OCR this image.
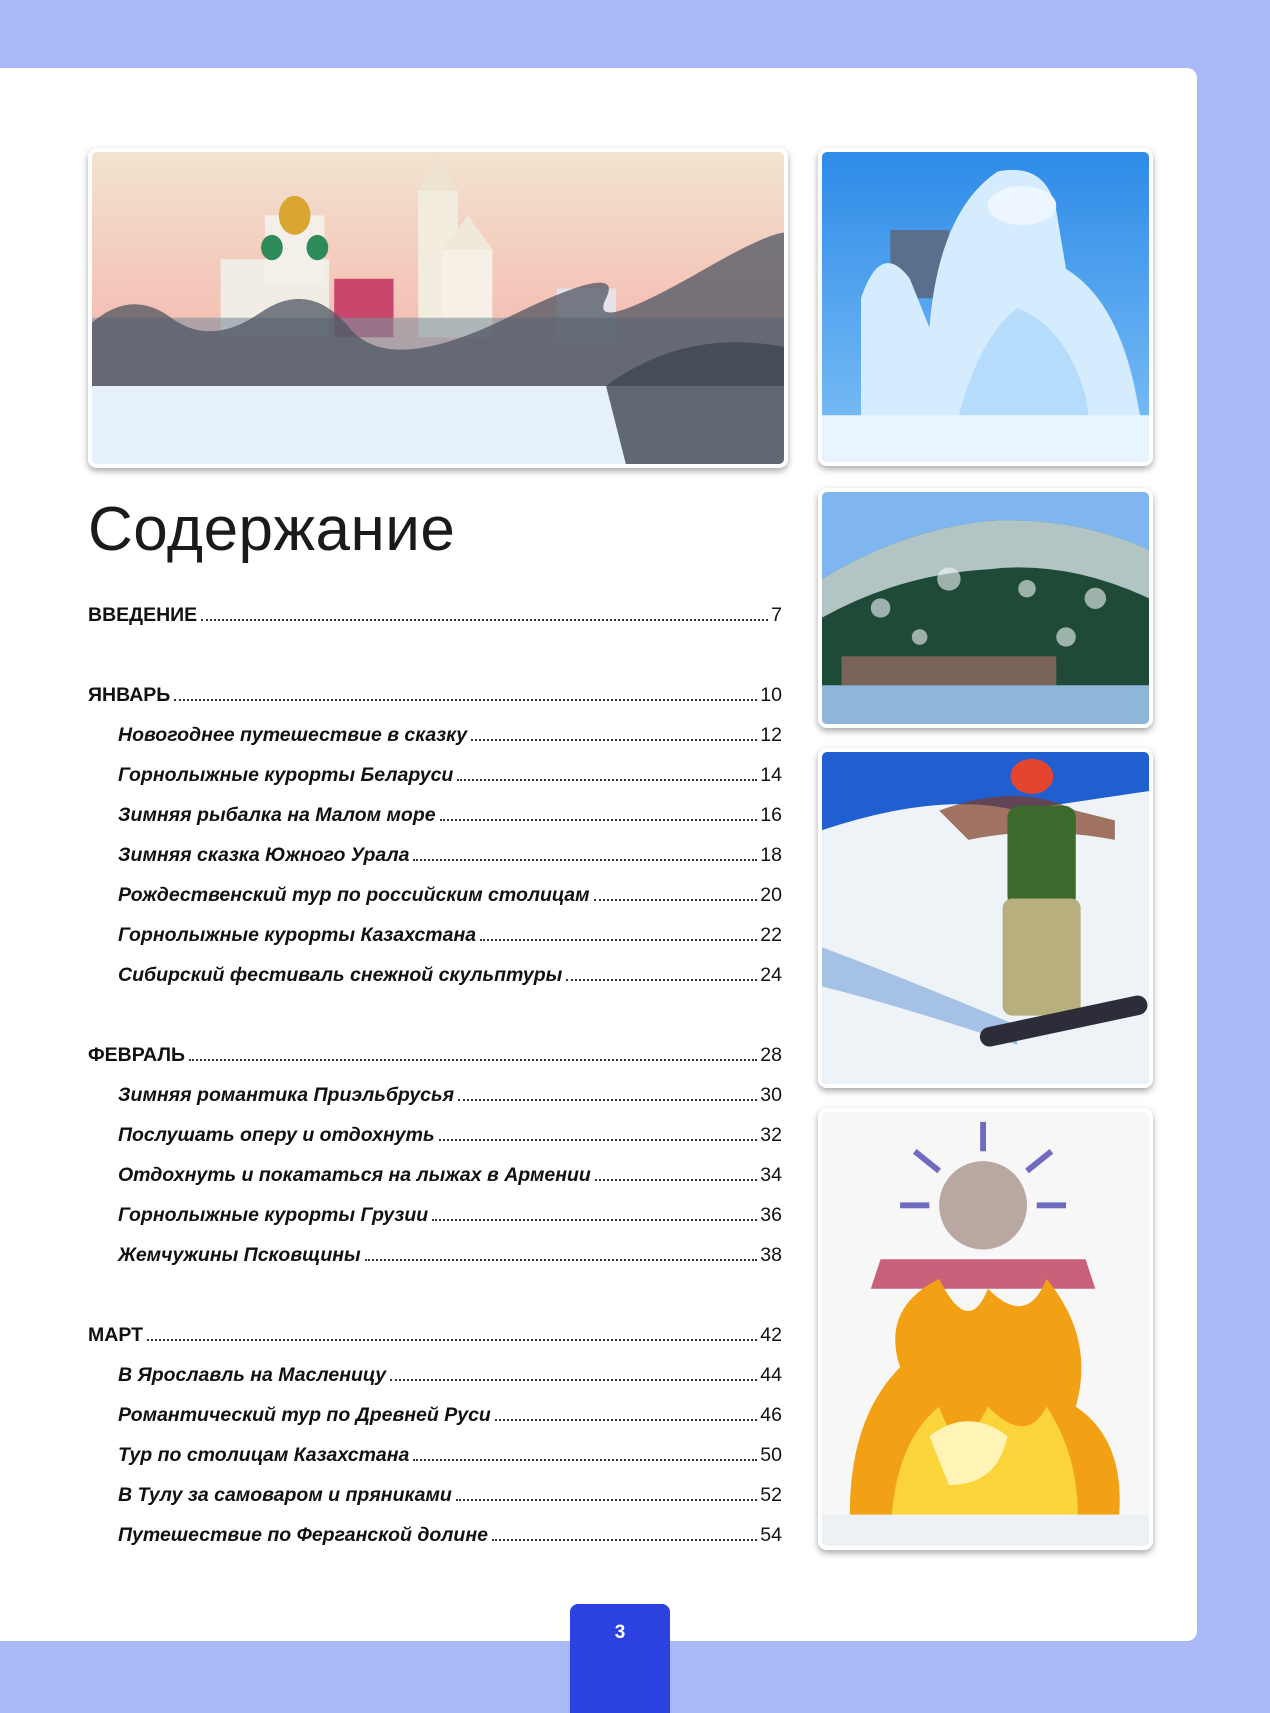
Содержание
ВВЕДЕНИЕ	7
ЯНВАРЬ	10
Новогоднее путешествие в сказку	12
Горнолыжные курорты Беларуси	14
Зимняя рыбалка на Малом море	16
Зимняя сказка Южного Урала	18
Рождественский тур по российским столицам	20
Горнолыжные курорты Казахстана	22
Сибирский фестиваль снежной скульптуры	24
ФЕВРАЛЬ	28
Зимняя романтика Приэльбрусья	30
Послушать оперу и отдохнуть	32
Отдохнуть и покататься на лыжах в Армении	34
Горнолыжные курорты Грузии	36
Жемчужины Псковщины	38
МАРТ	42
В Ярославль на Масленицу	44
Романтический тур по Древней Руси	46
Тур по столицам Казахстана	50
В Тулу за самоваром и пряниками	52
Путешествие по Ферганской долине	54
3
